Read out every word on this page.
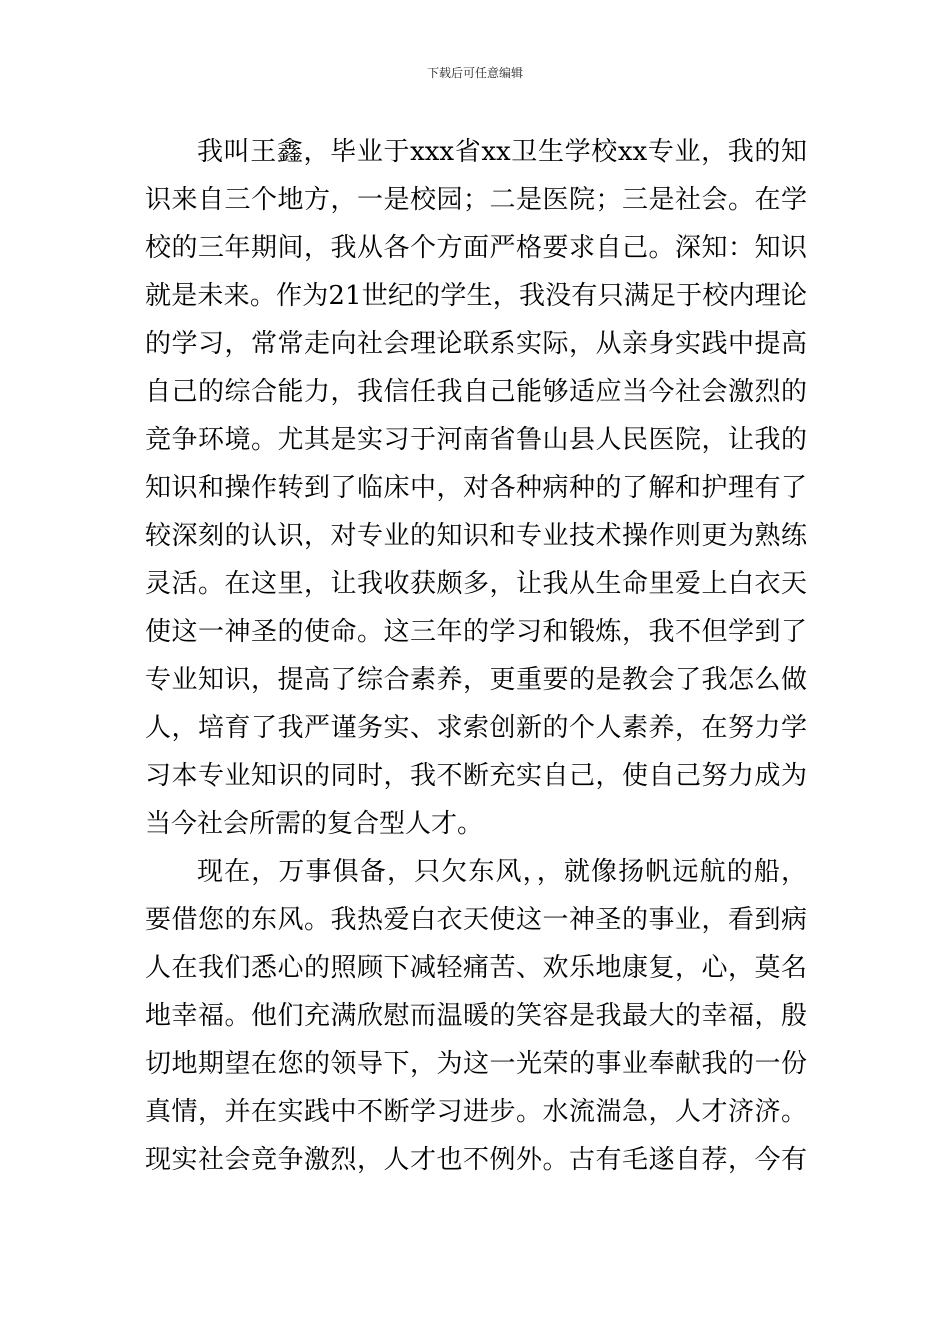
下载后可任意编辑
我叫王鑫，毕业于xxx省xx卫生学校xx专业，我的知
识来自三个地方，一是校园；二是医院；三是社会。在学
校的三年期间，我从各个方面严格要求自己。深知：知识
就是未来。作为21世纪的学生，我没有只满足于校内理论
的学习，常常走向社会理论联系实际，从亲身实践中提高
自己的综合能力，我信任我自己能够适应当今社会激烈的
竞争环境。尤其是实习于河南省鲁山县人民医院，让我的
知识和操作转到了临床中，对各种病种的了解和护理有了
较深刻的认识，对专业的知识和专业技术操作则更为熟练
灵活。在这里，让我收获颇多，让我从生命里爱上白衣天
使这一神圣的使命。这三年的学习和锻炼，我不但学到了
专业知识，提高了综合素养，更重要的是教会了我怎么做
人，培育了我严谨务实、求索创新的个人素养，在努力学
习本专业知识的同时，我不断充实自己，使自己努力成为
当今社会所需的复合型人才。
现在，万事俱备，只欠东风，，就像扬帆远航的船，
要借您的东风。我热爱白衣天使这一神圣的事业，看到病
人在我们悉心的照顾下减轻痛苦、欢乐地康复，心，莫名
地幸福。他们充满欣慰而温暖的笑容是我最大的幸福，殷
切地期望在您的领导下，为这一光荣的事业奉献我的一份
真情，并在实践中不断学习进步。水流湍急，人才济济。
现实社会竞争激烈，人才也不例外。古有毛遂自荐，今有
